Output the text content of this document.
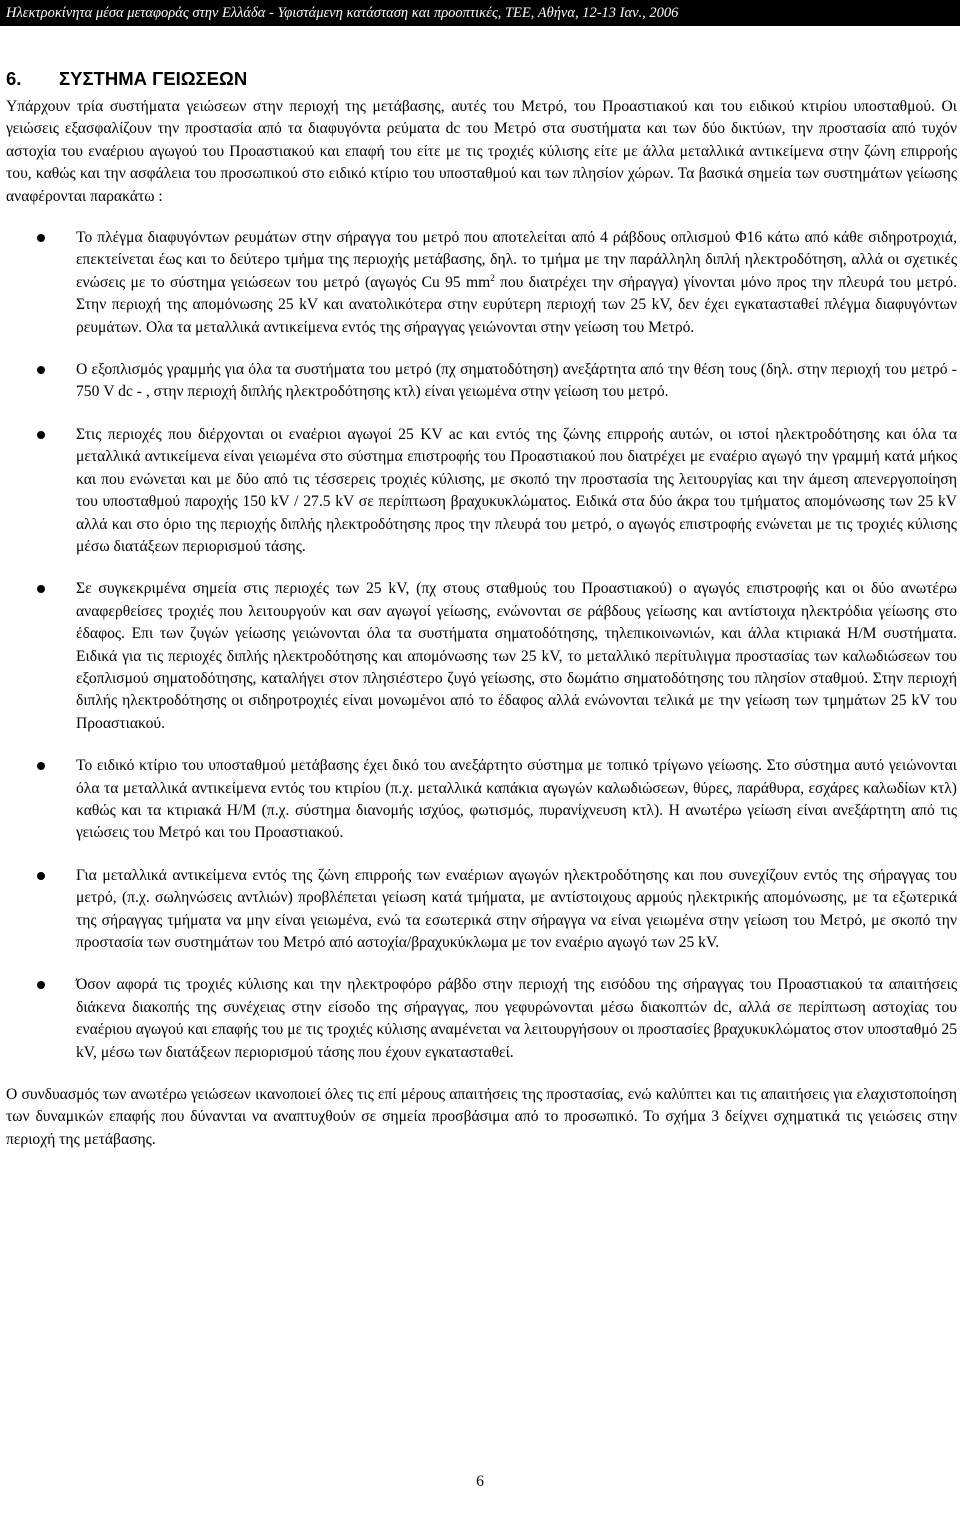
Ηλεκτροκίνητα μέσα μεταφοράς στην Ελλάδα - Υφιστάμενη κατάσταση και προοπτικές, ΤΕΕ, Αθήνα, 12-13 Ιαν., 2006
6. ΣΥΣΤΗΜΑ ΓΕΙΩΣΕΩΝ

Υπάρχουν τρία συστήματα γειώσεων στην περιοχή της μετάβασης, αυτές του Μετρό, του Προαστιακού και του ειδικού κτιρίου υποσταθμού. Οι γειώσεις εξασφαλίζουν την προστασία από τα διαφυγόντα ρεύματα dc του Μετρό στα συστήματα και των δύο δικτύων, την προστασία από τυχόν αστοχία του εναέριου αγωγού του Προαστιακού και επαφή του είτε με τις τροχιές κύλισης είτε με άλλα μεταλλικά αντικείμενα στην ζώνη επιρροής του, καθώς και την ασφάλεια του προσωπικού στο ειδικό κτίριο του υποσταθμού και των πλησίον χώρων. Τα βασικά σημεία των συστημάτων γείωσης αναφέρονται παρακάτω :

Το πλέγμα διαφυγόντων ρευμάτων στην σήραγγα του μετρό που αποτελείται από 4 ράβδους οπλισμού Φ16 κάτω από κάθε σιδηροτροχιά, επεκτείνεται έως και το δεύτερο τμήμα της περιοχής μετάβασης, δηλ. το τμήμα με την παράλληλη διπλή ηλεκτροδότηση, αλλά οι σχετικές ενώσεις με το σύστημα γειώσεων του μετρό (αγωγός Cu 95 $mm^2$ που διατρέχει την σήραγγα) γίνονται μόνο προς την πλευρά του μετρό. Στην περιοχή της απομόνωσης 25 kV και ανατολικότερα στην ευρύτερη περιοχή των 25 kV, δεν έχει εγκατασταθεί πλέγμα διαφυγόντων ρευμάτων. Ολα τα μεταλλικά αντικείμενα εντός της σήραγγας γειώνονται στην γείωση του Μετρό.
Ο εξοπλισμός γραμμής για όλα τα συστήματα του μετρό (πχ σηματοδότηση) ανεξάρτητα από την θέση τους (δηλ. στην περιοχή του μετρό - 750 V dc - , στην περιοχή διπλής ηλεκτροδότησης κτλ) είναι γειωμένα στην γείωση του μετρό.
Στις περιοχές που διέρχονται οι εναέριοι αγωγοί 25 KV ac και εντός της ζώνης επιρροής αυτών, οι ιστοί ηλεκτροδότησης και όλα τα μεταλλικά αντικείμενα είναι γειωμένα στο σύστημα επιστροφής του Προαστιακού που διατρέχει με εναέριο αγωγό την γραμμή κατά μήκος και που ενώνεται και με δύο από τις τέσσερεις τροχιές κύλισης, με σκοπό την προστασία της λειτουργίας και την άμεση απενεργοποίηση του υποσταθμού παροχής 150 kV / 27.5 kV σε περίπτωση βραχυκυκλώματος. Ειδικά στα δύο άκρα του τμήματος απομόνωσης των 25 kV αλλά και στο όριο της περιοχής διπλής ηλεκτροδότησης προς την πλευρά του μετρό, ο αγωγός επιστροφής ενώνεται με τις τροχιές κύλισης μέσω διατάξεων περιορισμού τάσης.
Σε συγκεκριμένα σημεία στις περιοχές των 25 kV, (πχ στους σταθμούς του Προαστιακού) ο αγωγός επιστροφής και οι δύο ανωτέρω αναφερθείσες τροχιές που λειτουργούν και σαν αγωγοί γείωσης, ενώνονται σε ράβδους γείωσης και αντίστοιχα ηλεκτρόδια γείωσης στο έδαφος. Επι των ζυγών γείωσης γειώνονται όλα τα συστήματα σηματοδότησης, τηλεπικοινωνιών, και άλλα κτιριακά Η/Μ συστήματα. Ειδικά για τις περιοχές διπλής ηλεκτροδότησης και απομόνωσης των 25 kV, το μεταλλικό περίτυλιγμα προστασίας των καλωδιώσεων του εξοπλισμού σηματοδότησης, καταλήγει στον πλησιέστερο ζυγό γείωσης, στο δωμάτιο σηματοδότησης του πλησίον σταθμού. Στην περιοχή διπλής ηλεκτροδότησης οι σιδηροτροχιές είναι μονωμένοι από το έδαφος αλλά ενώνονται τελικά με την γείωση των τμημάτων 25 kV του Προαστιακού.
Το ειδικό κτίριο του υποσταθμού μετάβασης έχει δικό του ανεξάρτητο σύστημα με τοπικό τρίγωνο γείωσης. Στο σύστημα αυτό γειώνονται όλα τα μεταλλικά αντικείμενα εντός του κτιρίου (π.χ. μεταλλικά καπάκια αγωγών καλωδιώσεων, θύρες, παράθυρα, εσχάρες καλωδίων κτλ) καθώς και τα κτιριακά Η/Μ (π.χ. σύστημα διανομής ισχύος, φωτισμός, πυρανίχνευση κτλ). Η ανωτέρω γείωση είναι ανεξάρτητη από τις γειώσεις του Μετρό και του Προαστιακού.
Για μεταλλικά αντικείμενα εντός της ζώνη επιρροής των εναέριων αγωγών ηλεκτροδότησης και που συνεχίζουν εντός της σήραγγας του μετρό, (π.χ. σωληνώσεις αντλιών) προβλέπεται γείωση κατά τμήματα, με αντίστοιχους αρμούς ηλεκτρικής απομόνωσης, με τα εξωτερικά της σήραγγας τμήματα να μην είναι γειωμένα, ενώ τα εσωτερικά στην σήραγγα να είναι γειωμένα στην γείωση του Μετρό, με σκοπό την προστασία των συστημάτων του Μετρό από αστοχία/βραχυκύκλωμα με τον εναέριο αγωγό των 25 kV.
Όσον αφορά τις τροχιές κύλισης και την ηλεκτροφόρο ράβδο στην περιοχή της εισόδου της σήραγγας του Προαστιακού τα απαιτήσεις διάκενα διακοπής της συνέχειας στην είσοδο της σήραγγας, που γεφυρώνονται μέσω διακοπτών dc, αλλά σε περίπτωση αστοχίας του εναέριου αγωγού και επαφής του με τις τροχιές κύλισης αναμένεται να λειτουργήσουν οι προστασίες βραχυκυκλώματος στον υποσταθμό 25 kV, μέσω των διατάξεων περιορισμού τάσης που έχουν εγκατασταθεί.

Ο συνδυασμός των ανωτέρω γειώσεων ικανοποιεί όλες τις επί μέρους απαιτήσεις της προστασίας, ενώ καλύπτει και τις απαιτήσεις για ελαχιστοποίηση των δυναμικών επαφής που δύνανται να αναπτυχθούν σε σημεία προσβάσιμα από το προσωπικό. Το σχήμα 3 δείχνει σχηματικά τις γειώσεις στην περιοχή της μετάβασης.

6
